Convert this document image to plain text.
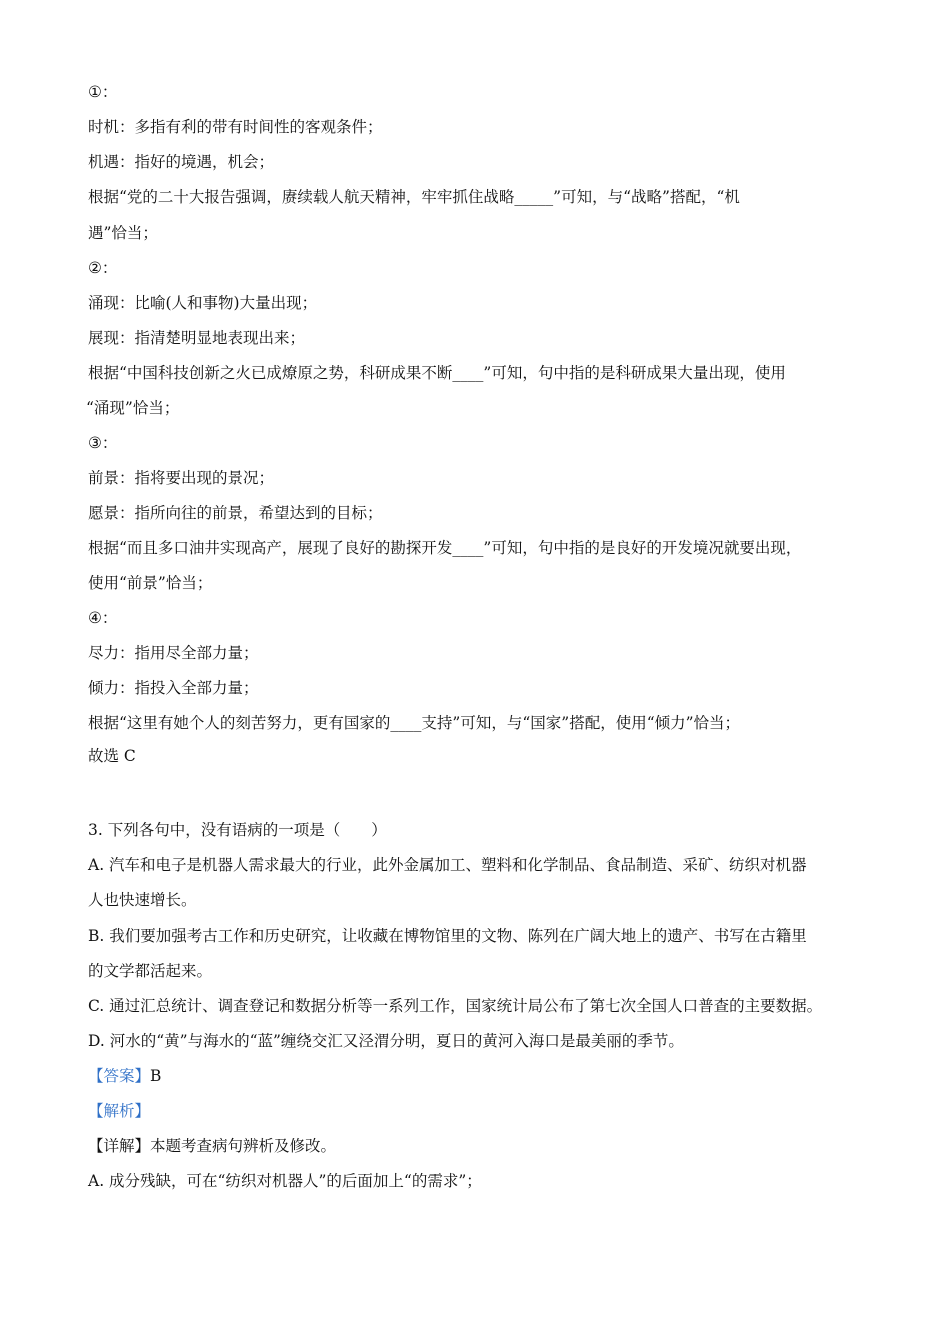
①：
时机：多指有利的带有时间性的客观条件；
机遇：指好的境遇，机会；
根据“党的二十大报告强调，赓续载人航天精神，牢牢抓住战略_____”可知，与“战略”搭配，“机
遇”恰当；
②：
涌现：比喻(人和事物)大量出现；
展现：指清楚明显地表现出来；
根据“中国科技创新之火已成燎原之势，科研成果不断____”可知，句中指的是科研成果大量出现，使用
“涌现”恰当；
③：
前景：指将要出现的景况；
愿景：指所向往的前景，希望达到的目标；
根据“而且多口油井实现高产，展现了良好的勘探开发____”可知，句中指的是良好的开发境况就要出现，
使用“前景”恰当；
④：
尽力：指用尽全部力量；
倾力：指投入全部力量；
根据“这里有她个人的刻苦努力，更有国家的____支持”可知，与“国家”搭配，使用“倾力”恰当；
故选 C
3. 下列各句中，没有语病的一项是（　　）
A. 汽车和电子是机器人需求最大的行业，此外金属加工、塑料和化学制品、食品制造、采矿、纺织对机器
人也快速增长。
B. 我们要加强考古工作和历史研究，让收藏在博物馆里的文物、陈列在广阔大地上的遗产、书写在古籍里
的文学都活起来。
C. 通过汇总统计、调查登记和数据分析等一系列工作，国家统计局公布了第七次全国人口普查的主要数据。
D. 河水的“黄”与海水的“蓝”缠绕交汇又泾渭分明，夏日的黄河入海口是最美丽的季节。
【答案】B
【解析】
【详解】本题考查病句辨析及修改。
A. 成分残缺，可在“纺织对机器人”的后面加上“的需求”；
